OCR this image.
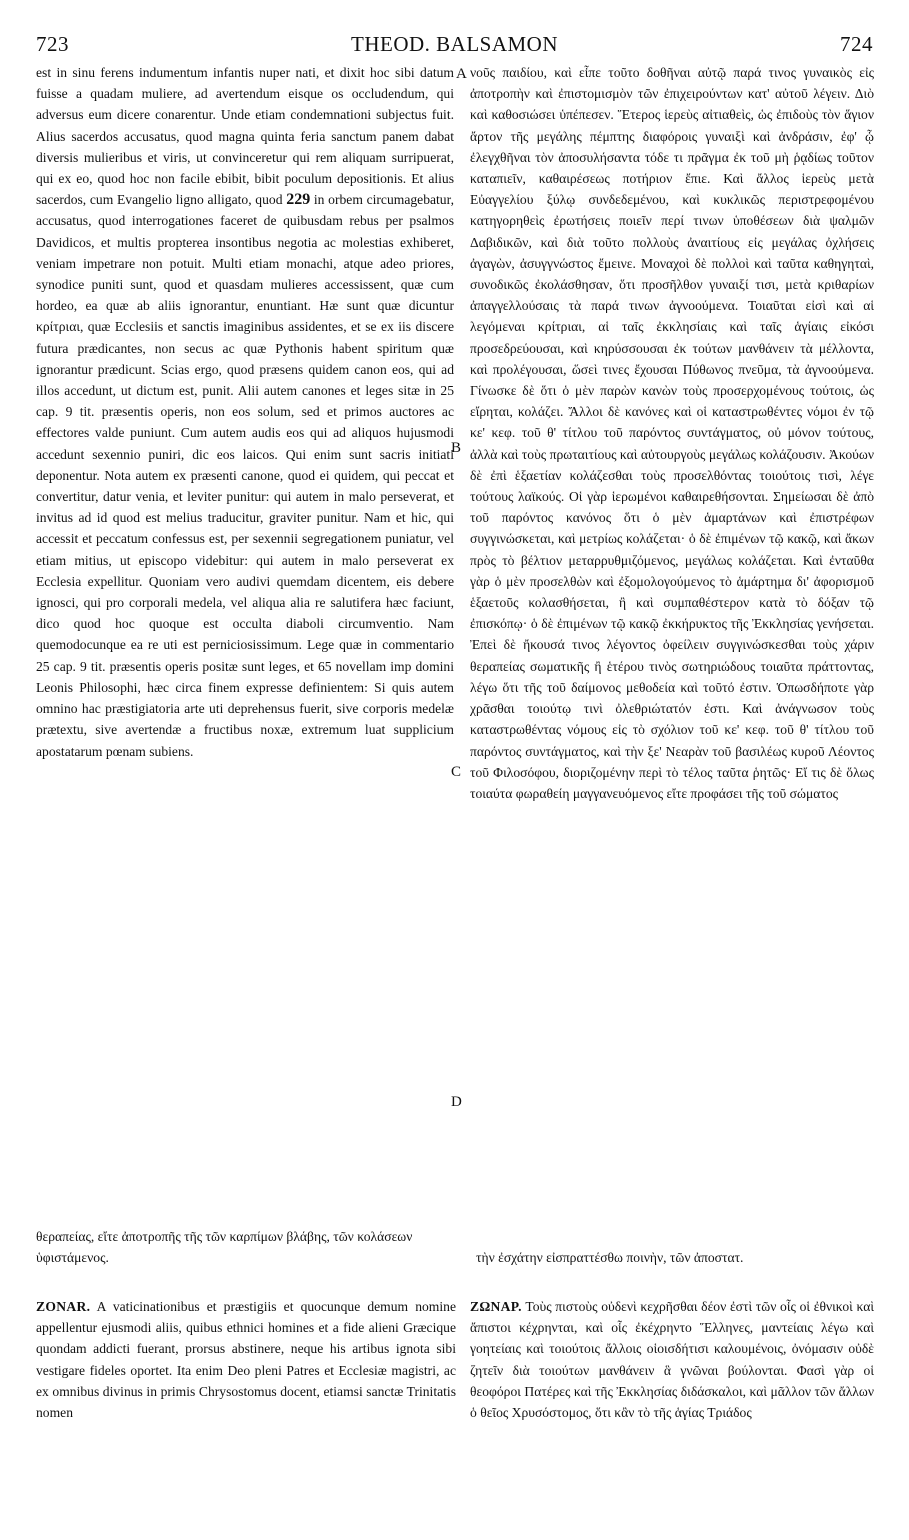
723	THEOD. BALSAMON	724

est in sinu ferens indumentum infantis nuper nati, et dixit hoc sibi datum fuisse a quadam muliere, ad avertendum eisque os occludendum, qui adversus eum dicere conarentur. Unde etiam condemnationi subjectus fuit. Alius sacerdos accusatus, quod magna quinta feria sanctum panem dabat diversis mulieribus et viris, ut convinceretur qui rem aliquam surripuerat, qui ex eo, quod hoc non facile ebibit, bibit poculum depositionis. Et alius sacerdos, cum Evangelio ligno alligato, quod 229 in orbem circumagebatur, accusatus, quod interrogationes faceret de quibusdam rebus per psalmos Davidicos, et multis propterea insontibus negotia ac molestias exhiberet, veniam impetrare non potuit. Multi etiam monachi, atque adeo priores, synodice puniti sunt, quod et quasdam mulieres accessissent, quæ cum hordeo, ea quæ ab aliis ignorantur, enuntiant. Hæ sunt quæ dicuntur κρίτριαι, quæ Ecclesiis et sanctis imaginibus assidentes, et se ex iis discere futura prædicantes, non secus ac quæ Pythonis habent spiritum quæ ignorantur prædicunt. Scias ergo, quod præsens quidem canon eos, qui ad illos accedunt, ut dictum est, punit. Alii autem canones et leges sitæ in 25 cap. 9 tit. præsentis operis, non eos solum, sed et primos auctores ac effectores valde puniunt. Cum autem audis eos qui ad aliquos hujusmodi accedunt sexennio puniri, dic eos laicos. Qui enim sunt sacris initiati deponentur. Nota autem ex præsenti canone, quod ei quidem, qui peccat et convertitur, datur venia, et leviter punitur: qui autem in malo perseverat, et invitus ad id quod est melius traducitur, graviter punitur. Nam et hic, qui accessit et peccatum confessus est, per sexennii segregationem puniatur, vel etiam mitius, ut episcopo videbitur: qui autem in malo perseverat ex Ecclesia expellitur. Quoniam vero audivi quemdam dicentem, eis debere ignosci, qui pro corporali medela, vel aliqua alia re salutifera hæc faciunt, dico quod hoc quoque est occulta diaboli circumventio. Nam quemodocunque ea re uti est perniciosissimum. Lege quæ in commentario 25 cap. 9 tit. præsentis operis positæ sunt leges, et 65 novellam imp domini Leonis Philosophi, hæc circa finem expresse definientem: Si quis autem omnino hac præstigiatoria arte uti deprehensus fuerit, sive corporis medelæ prætextu, sive avertendæ a fructibus noxæ, extremum luat supplicium apostatarum pœnam subiens.

A
B
C
D

νοῦς παιδίου, καὶ εἶπε τοῦτο δοθῆναι αὐτῷ παρά τινος γυναικὸς εἰς ἀποτροπὴν καὶ ἐπιστομισμὸν τῶν ἐπιχειρούντων κατ' αὐτοῦ λέγειν. Διὸ καὶ καθοσιώσει ὑπέπεσεν. Ἕτερος ἱερεὺς αἰτιαθεὶς, ὡς ἐπιδοὺς τὸν ἅγιον ἄρτον τῆς μεγάλης πέμπτης διαφόροις γυναιξὶ καὶ ἀνδράσιν, ἐφ' ᾧ ἐλεγχθῆναι τὸν ἀποσυλήσαντα τόδε τι πρᾶγμα ἐκ τοῦ μὴ ῥᾳδίως τοῦτον καταπιεῖν, καθαιρέσεως ποτήριον ἔπιε. Καὶ ἄλλος ἱερεὺς μετὰ Εὐαγγελίου ξύλῳ συνδεδεμένου, καὶ κυκλικῶς περιστρεφομένου κατηγορηθεὶς ἐρωτήσεις ποιεῖν περί τινων ὑποθέσεων διὰ ψαλμῶν Δαβιδικῶν, καὶ διὰ τοῦτο πολλοὺς ἀναιτίους εἰς μεγάλας ὀχλήσεις ἀγαγὼν, ἀσυγγνώστος ἔμεινε. Μοναχοὶ δὲ πολλοὶ καὶ ταῦτα καθηγηταὶ, συνοδικῶς ἐκολάσθησαν, ὅτι προσῆλθον γυναιξί τισι, μετὰ κριθαρίων ἀπαγγελλούσαις τὰ παρά τινων ἀγνοούμενα. Τοιαῦται εἰσὶ καὶ αἱ λεγόμεναι κρίτριαι, αἱ ταῖς ἐκκλησίαις καὶ ταῖς ἁγίαις εἰκόσι προσεδρεύουσαι, καὶ κηρύσσουσαι ἐκ τούτων μανθάνειν τὰ μέλλοντα, καὶ προλέγουσαι, ὥσεὶ τινες ἔχουσαι Πύθωνος πνεῦμα, τὰ ἀγνοούμενα. Γίνωσκε δὲ ὅτι ὁ μὲν παρὼν κανὼν τοὺς προσερχομένους τούτοις, ὡς εἴρηται, κολάζει. Ἄλλοι δὲ κανόνες καὶ οἱ καταστρωθέντες νόμοι ἐν τῷ κε' κεφ. τοῦ θ' τίτλου τοῦ παρόντος συντάγματος, οὐ μόνον τούτους, ἀλλὰ καὶ τοὺς πρωταιτίους καὶ αὐτουργοὺς μεγάλως κολάζουσιν. Ἀκούων δὲ ἐπὶ ἑξαετίαν κολάζεσθαι τοὺς προσελθόντας τοιούτοις τισὶ, λέγε τούτους λαϊκούς. Οἱ γὰρ ἱερωμένοι καθαιρεθήσονται. Σημείωσαι δὲ ἀπὸ τοῦ παρόντος κανόνος ὅτι ὁ μὲν ἁμαρτάνων καὶ ἐπιστρέφων συγγινώσκεται, καὶ μετρίως κολάζεται· ὁ δὲ ἐπιμένων τῷ κακῷ, καὶ ἄκων πρὸς τὸ βέλτιον μεταρρυθμιζόμενος, μεγάλως κολάζεται. Καὶ ἐνταῦθα γὰρ ὁ μὲν προσελθὼν καὶ ἐξομολογούμενος τὸ ἁμάρτημα δι' ἀφορισμοῦ ἑξαετοῦς κολασθήσεται, ἢ καὶ συμπαθέστερον κατὰ τὸ δόξαν τῷ ἐπισκόπῳ· ὁ δὲ ἐπιμένων τῷ κακῷ ἐκκήρυκτος τῆς Ἐκκλησίας γενήσεται. Ἐπεὶ δὲ ἤκουσά τινος λέγοντος ὀφείλειν συγγινώσκεσθαι τοὺς χάριν θεραπείας σωματικῆς ἢ ἑτέρου τινὸς σωτηριώδους τοιαῦτα πράττοντας, λέγω ὅτι τῆς τοῦ δαίμονος μεθοδεία καὶ τοῦτό ἐστιν. Ὁπωσδήποτε γὰρ χρᾶσθαι τοιούτῳ τινὶ ὀλεθριώτατόν ἐστι. Καὶ ἀνάγνωσον τοὺς καταστρωθέντας νόμους εἰς τὸ σχόλιον τοῦ κε' κεφ. τοῦ θ' τίτλου τοῦ παρόντος συντάγματος, καὶ τὴν ξε' Νεαρὰν τοῦ βασιλέως κυροῦ Λέοντος τοῦ Φιλοσόφου, διοριζομένην περὶ τὸ τέλος ταῦτα ῥητῶς· Εἴ τις δὲ ὅλως τοιαύτα φωραθείη μαγγανευόμενος εἴτε προφάσει τῆς τοῦ σώματος

θεραπείας, εἴτε ἀποτροπῆς τῆς τῶν καρπίμων βλάβης, τῶν κολάσεων ὑφιστάμενος.	τὴν ἐσχάτην εἰσπραττέσθω ποινὴν, τῶν ἀποστατ.

ZONAR. A vaticinationibus et præstigiis et quocunque demum nomine appellentur ejusmodi aliis, quibus ethnici homines et a fide alieni Græcique quondam addicti fuerant, prorsus abstinere, neque his artibus ignota sibi vestigare fideles oportet. Ita enim Deo pleni Patres et Ecclesiæ magistri, ac ex omnibus divinus in primis Chrysostomus docent, etiamsi sanctæ Trinitatis nomen

ΖΩΝΑΡ. Τοὺς πιστοὺς οὐδενὶ κεχρῆσθαι δέον ἐστὶ τῶν οἷς οἱ ἐθνικοὶ καὶ ἄπιστοι κέχρηνται, καὶ οἷς ἐκέχρηντο Ἕλληνες, μαντείαις λέγω καὶ γοητείαις καὶ τοιούτοις ἄλλοις οἱοισδήτισι καλουμένοις, ὀνόμασιν οὐδὲ ζητεῖν διὰ τοιούτων μανθάνειν ἃ γνῶναι βούλονται. Φασὶ γὰρ οἱ θεοφόροι Πατέρες καὶ τῆς Ἐκκλησίας διδάσκαλοι, καὶ μᾶλλον τῶν ἄλλων ὁ θεῖος Χρυσόστομος, ὅτι κἂν τὸ τῆς ἁγίας Τριάδος
